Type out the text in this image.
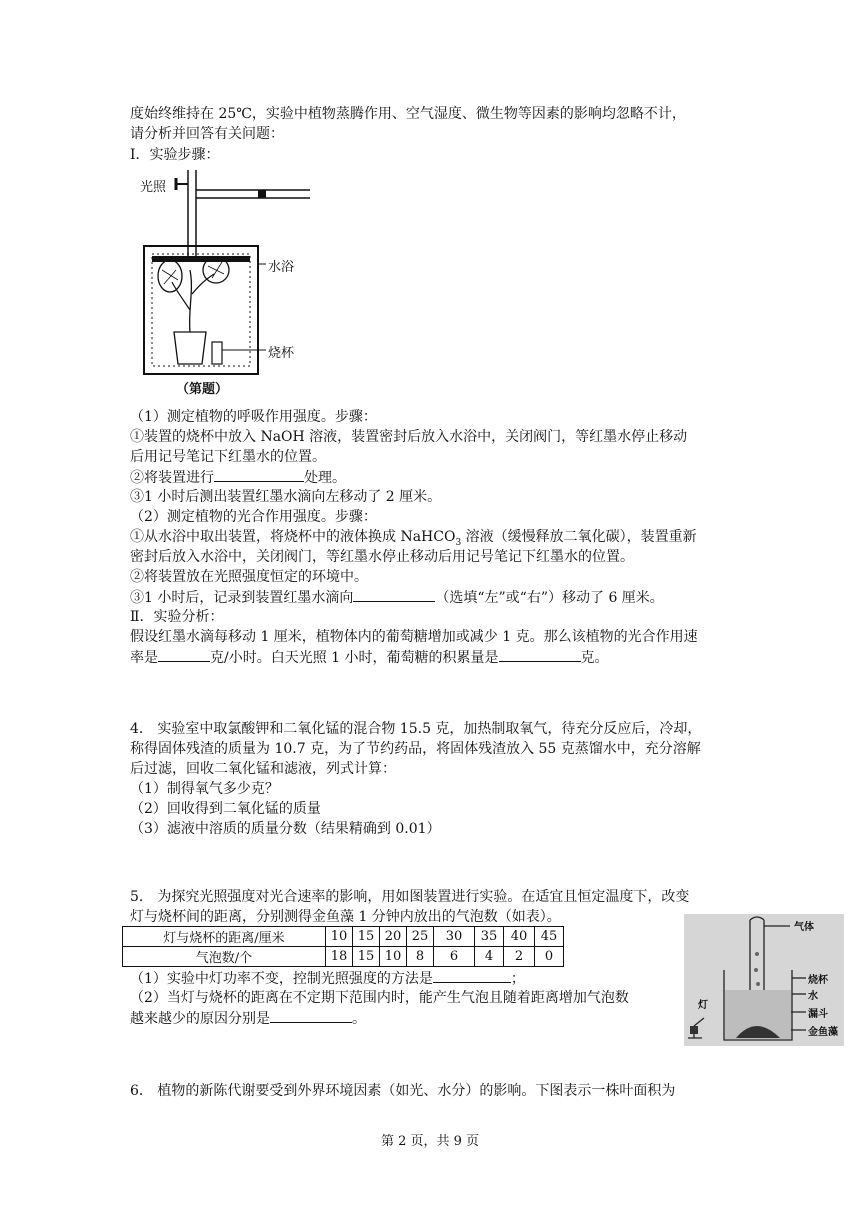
度始终维持在 25℃，实验中植物蒸腾作用、空气湿度、微生物等因素的影响均忽略不计，
请分析并回答有关问题：
Ⅰ．实验步骤：
光照
水浴
烧杯
（第题）
（1）测定植物的呼吸作用强度。步骤：
①装置的烧杯中放入 NaOH 溶液，装置密封后放入水浴中，关闭阀门，等红墨水停止移动
后用记号笔记下红墨水的位置。
②将装置进行	处理。
③1 小时后测出装置红墨水滴向左移动了 2 厘米。
（2）测定植物的光合作用强度。步骤：
①从水浴中取出装置，将烧杯中的液体换成 NaHCO$_3$ 溶液（缓慢释放二氧化碳），装置重新
密封后放入水浴中，关闭阀门，等红墨水停止移动后用记号笔记下红墨水的位置。
②将装置放在光照强度恒定的环境中。
③1 小时后，记录到装置红墨水滴向	（选填“左”或“右”）移动了 6 厘米。
Ⅱ．实验分析：
假设红墨水滴每移动 1 厘米，植物体内的葡萄糖增加或减少 1 克。那么该植物的光合作用速
率是	克/小时。白天光照 1 小时，葡萄糖的积累量是	克。
4． 实验室中取氯酸钾和二氧化锰的混合物 15.5 克，加热制取氧气，待充分反应后，冷却，
称得固体残渣的质量为 10.7 克，为了节约药品，将固体残渣放入 55 克蒸馏水中，充分溶解
后过滤，回收二氧化锰和滤液，列式计算：
（1）制得氧气多少克？
（2）回收得到二氧化锰的质量
（3）滤液中溶质的质量分数（结果精确到 0.01）
5． 为探究光照强度对光合速率的影响，用如图装置进行实验。在适宜且恒定温度下，改变
灯与烧杯间的距离，分别测得金鱼藻 1 分钟内放出的气泡数（如表）。
灯与烧杯的距离/厘米	10	15	20	25	30	35	40	45
气泡数/个	18	15	10	8	6	4	2	0
（1）实验中灯功率不变，控制光照强度的方法是	；
（2）当灯与烧杯的距离在不定期下范围内时，能产生气泡且随着距离增加气泡数
越来越少的原因分别是	。
气体
烧杯
水
漏斗
灯
金鱼藻
6． 植物的新陈代谢要受到外界环境因素（如光、水分）的影响。下图表示一株叶面积为
第 2 页，共 9 页
